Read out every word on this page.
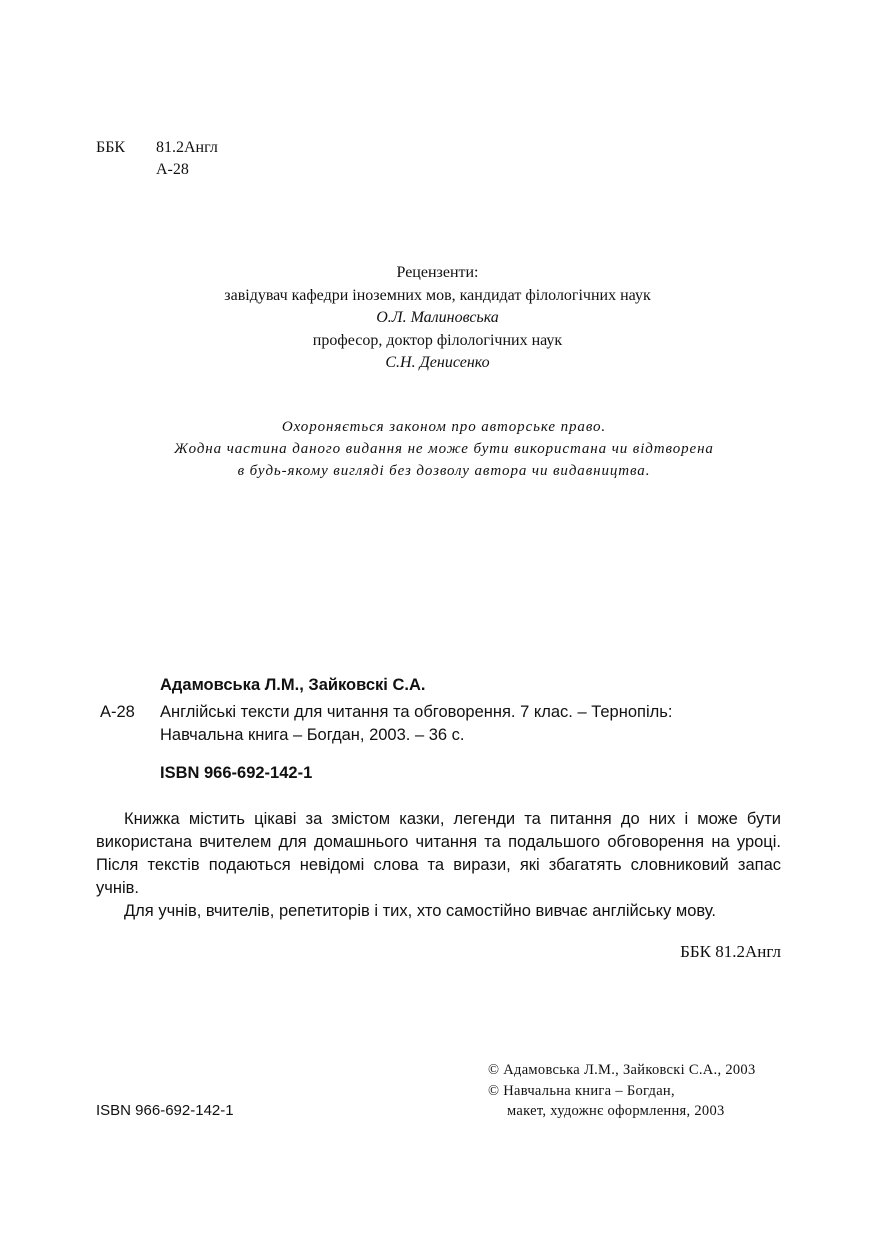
ББК 81.2Англ
А-28
Рецензенти:
завідувач кафедри іноземних мов, кандидат філологічних наук
О.Л. Малиновська
професор, доктор філологічних наук
С.Н. Денисенко
Охороняється законом про авторське право.
Жодна частина даного видання не може бути використана чи відтворена
в будь-якому вигляді без дозволу автора чи видавництва.
Адамовська Л.М., Зайковскі С.А.
А-28 Англійські тексти для читання та обговорення. 7 клас. – Тернопіль:
Навчальна книга – Богдан, 2003. – 36 с.
ISBN 966-692-142-1

Книжка містить цікаві за змістом казки, легенди та питання до них і може бути використана вчителем для домашнього читання та подальшого обговорення на уроці. Після текстів подаються невідомі слова та вирази, які збагатять словниковий запас учнів.

Для учнів, вчителів, репетиторів і тих, хто самостійно вивчає англійську мову.

ББК 81.2Англ
ISBN 966-692-142-1
© Адамовська Л.М., Зайковскі С.А., 2003
© Навчальна книга – Богдан,
макет, художнє оформлення, 2003
